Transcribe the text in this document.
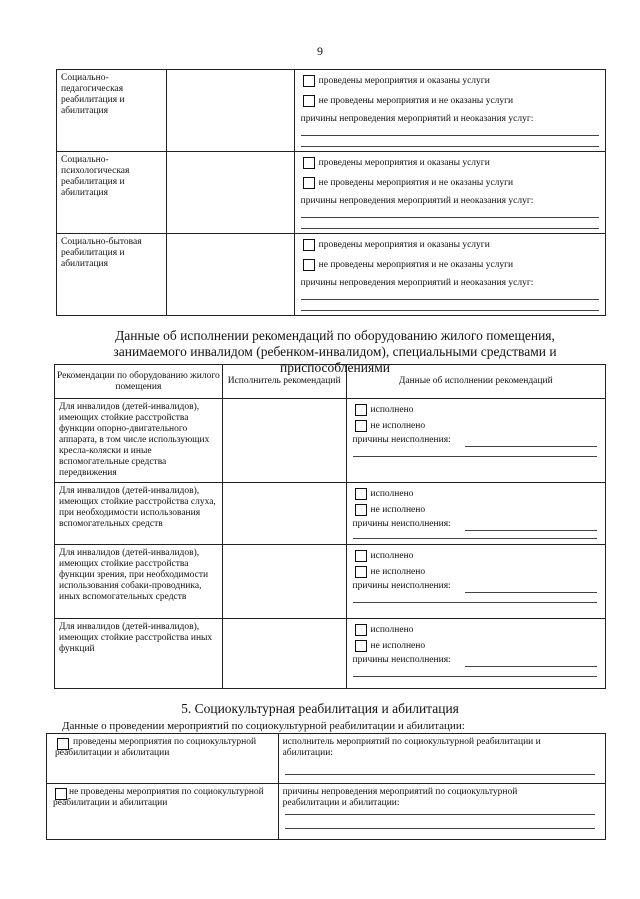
9
Социально-педагогическая реабилитация и абилитация		проведены мероприятия и оказаны услуги
не проведены мероприятия и не оказаны услуги
причины непроведения мероприятий и неоказания услуг:

Социально-психологическая реабилитация и абилитация		проведены мероприятия и оказаны услуги
не проведены мероприятия и не оказаны услуги
причины непроведения мероприятий и неоказания услуг:

Социально-бытовая реабилитация и абилитация		проведены мероприятия и оказаны услуги
не проведены мероприятия и не оказаны услуги
причины непроведения мероприятий и неоказания услуг:
Данные об исполнении рекомендаций по оборудованию жилого помещения, занимаемого инвалидом (ребенком-инвалидом), специальными средствами и приспособлениями
Рекомендации по оборудованию жилого помещения	Исполнитель рекомендаций	Данные об исполнении рекомендаций

Для инвалидов (детей-инвалидов), имеющих стойкие расстройства функции опорно-двигательного аппарата, в том числе использующих кресла-коляски и иные вспомогательные средства передвижения		исполнено
не исполнено
причины неисполнения:

Для инвалидов (детей-инвалидов), имеющих стойкие расстройства слуха, при необходимости использования вспомогательных средств		исполнено
не исполнено
причины неисполнения:

Для инвалидов (детей-инвалидов), имеющих стойкие расстройства функции зрения, при необходимости использования собаки-проводника, иных вспомогательных средств		исполнено
не исполнено
причины неисполнения:

Для инвалидов (детей-инвалидов), имеющих стойкие расстройства иных функций		исполнено
не исполнено
причины неисполнения:
5. Социокультурная реабилитация и абилитация
Данные о проведении мероприятий по социокультурной реабилитации и абилитации:
проведены мероприятия по социокультурной реабилитации и абилитации	исполнитель мероприятий по социокультурной реабилитации и абилитации:

не проведены мероприятия по социокультурной реабилитации и абилитации	причины непроведения мероприятий по социокультурной реабилитации и абилитации:
